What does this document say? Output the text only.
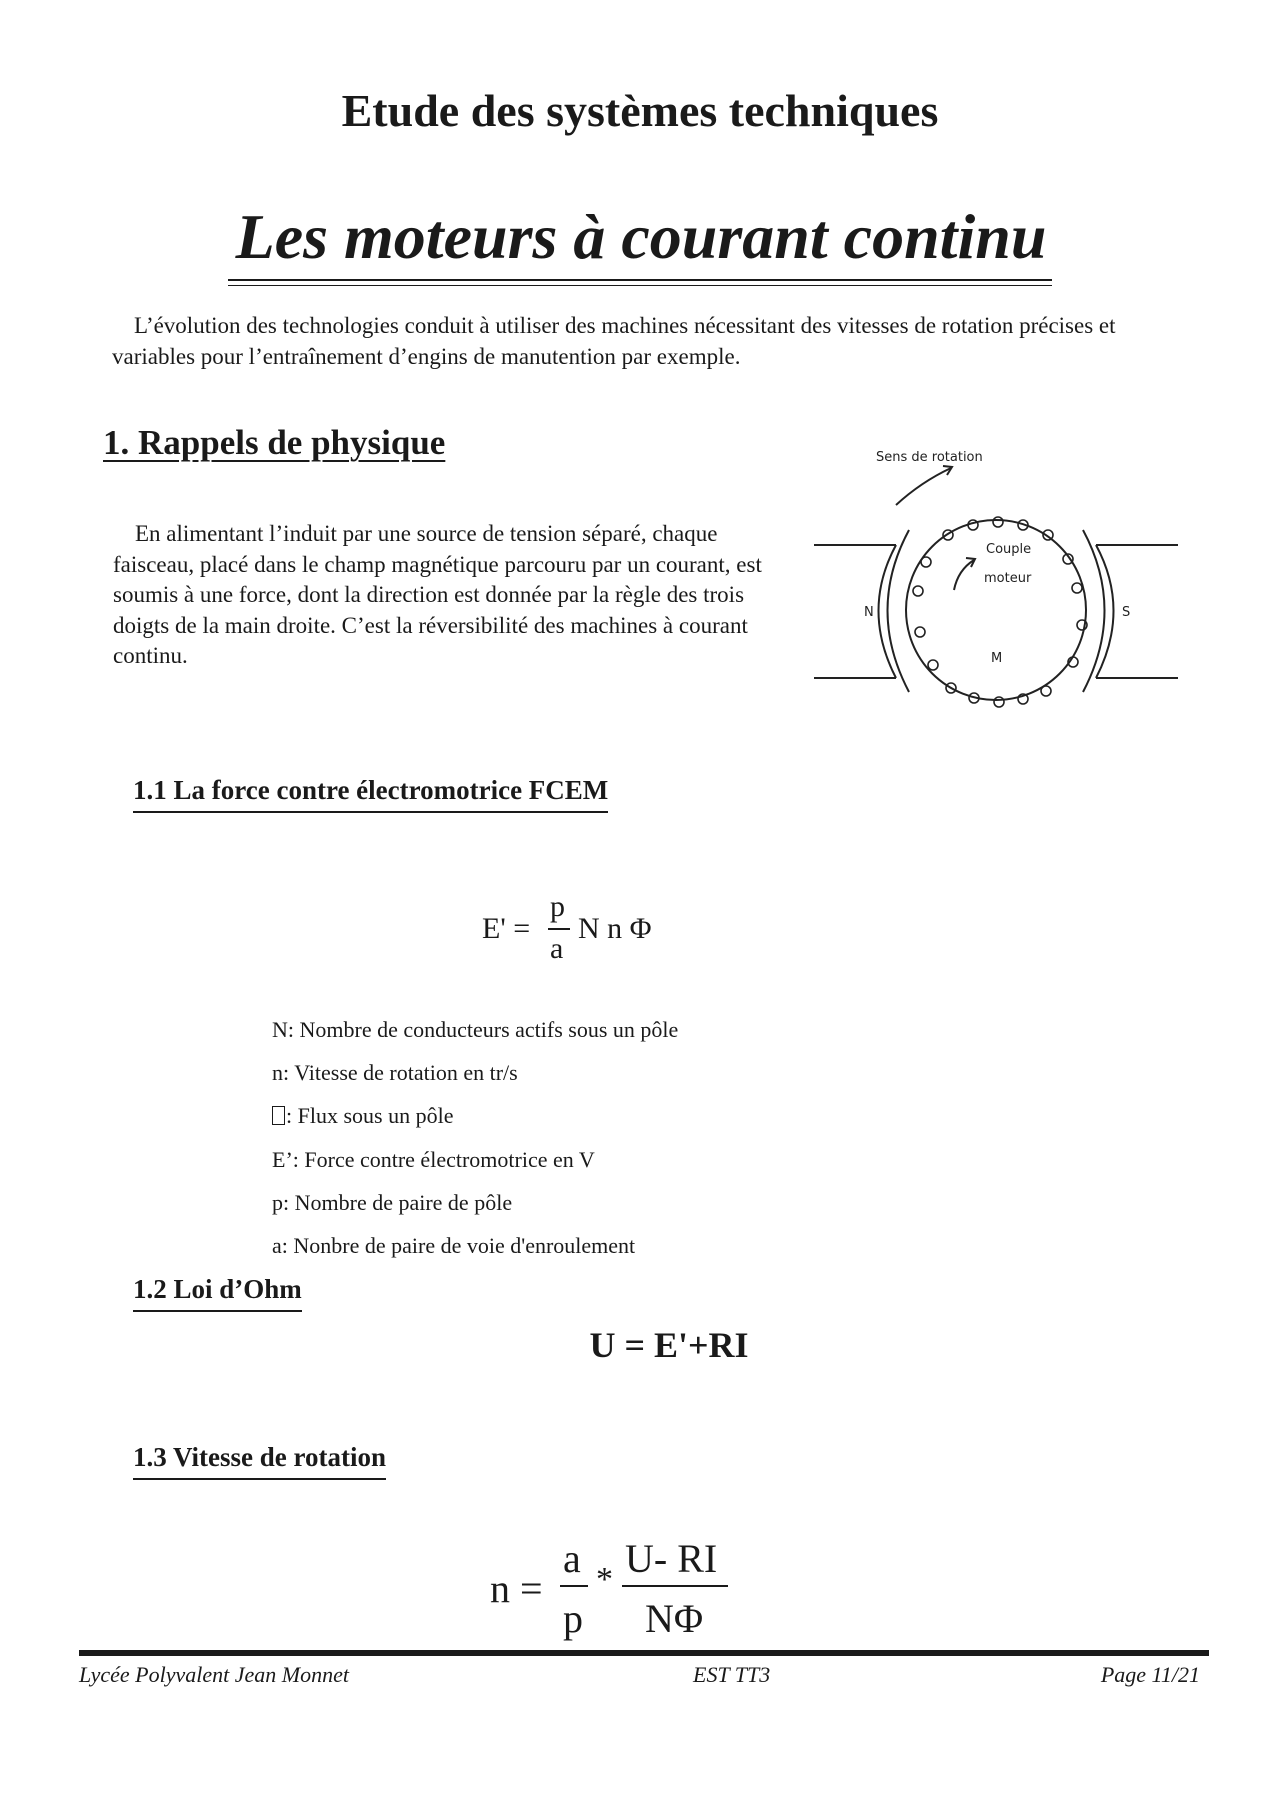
Etude des systèmes techniques
Les moteurs à courant continu

L’évolution des technologies conduit à utiliser des machines nécessitant des vitesses de rotation précises et variables pour l’entraînement d’engins de manutention par exemple.

1. Rappels de physique

En alimentant l’induit par une source de tension séparé, chaque faisceau, placé dans le champ magnétique parcouru par un courant, est soumis à une force, dont la direction est donnée par la règle des trois doigts de la main droite. C’est la réversibilité des machines à courant continu.

Sens de rotation
Couple
moteur
N	S
M
1.1 La force contre électromotrice FCEM
E' =
p
a
N n Φ
N: Nombre de conducteurs actifs sous un pôle
n: Vitesse de rotation en tr/s
: Flux sous un pôle
E’: Force contre électromotrice en V
p: Nombre de paire de pôle
a: Nonbre de paire de voie d'enroulement
1.2 Loi d’Ohm
U = E'+RI
1.3 Vitesse de rotation
n =
a
p
* U- RI
NΦ
Lycée Polyvalent Jean Monnet	EST TT3	Page 11/21
